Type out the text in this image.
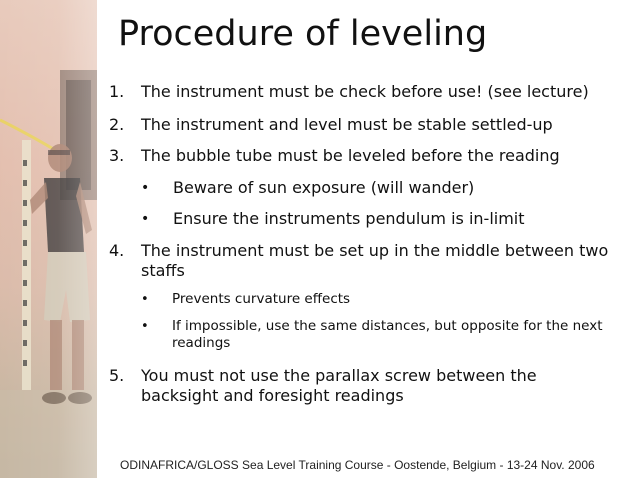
Procedure of leveling
1. The instrument must be check before use! (see lecture)
2. The instrument and level must be stable settled-up
3. The bubble tube must be leveled before the reading
• Beware of sun exposure (will wander)
• Ensure the instruments pendulum is in-limit
4. The instrument must be set up in the middle between two staffs
• Prevents curvature effects
• If impossible, use the same distances, but opposite for the next readings
5. You must not use the parallax screw between the backsight and foresight readings
ODINAFRICA/GLOSS Sea Level Training Course - Oostende, Belgium - 13-24 Nov. 2006
